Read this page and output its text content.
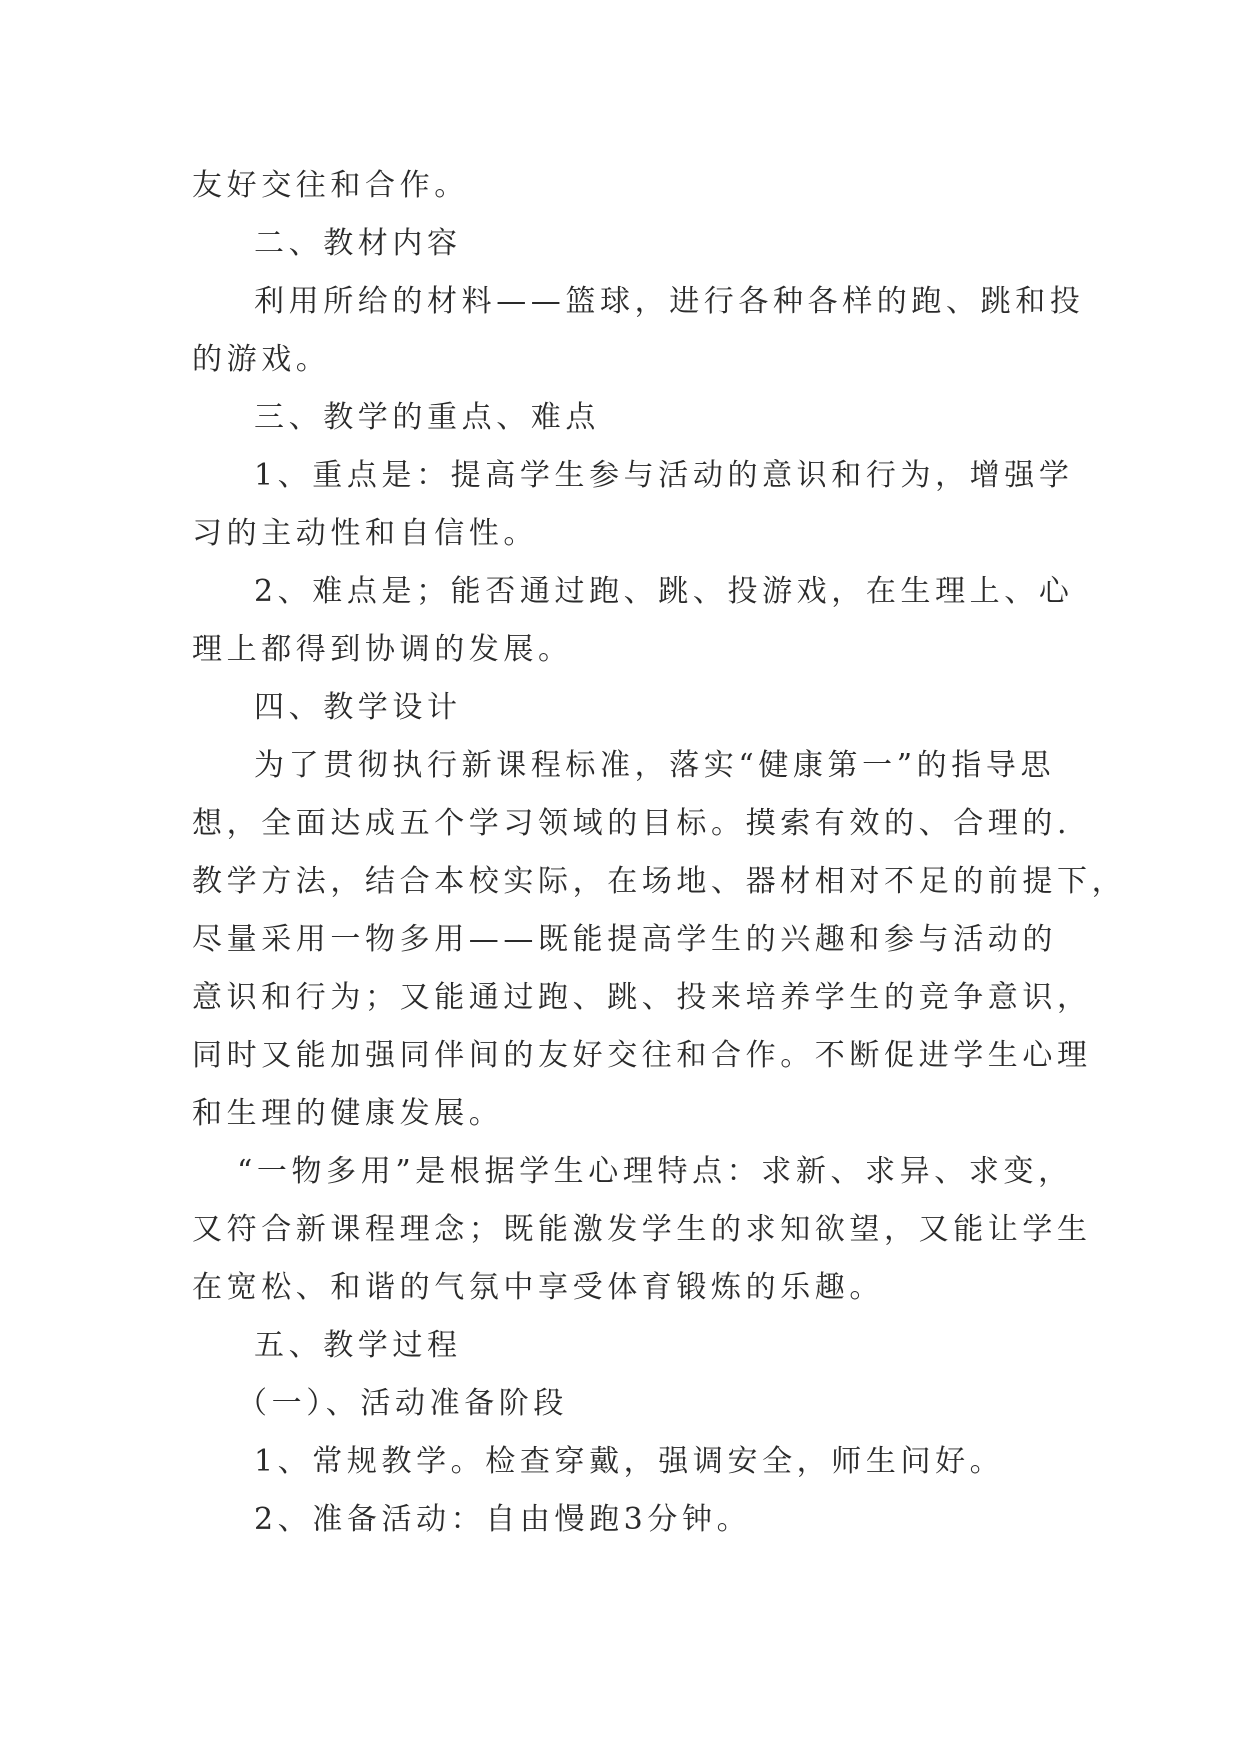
友好交往和合作。
二、教材内容
利用所给的材料——篮球，进行各种各样的跑、跳和投
的游戏。
三、教学的重点、难点
1、重点是：提高学生参与活动的意识和行为，增强学
习的主动性和自信性。
2、难点是；能否通过跑、跳、投游戏，在生理上、心
理上都得到协调的发展。
四、教学设计
为了贯彻执行新课程标准，落实“健康第一”的指导思
想，全面达成五个学习领域的目标。摸索有效的、合理的.
教学方法，结合本校实际，在场地、器材相对不足的前提下，
尽量采用一物多用——既能提高学生的兴趣和参与活动的
意识和行为；又能通过跑、跳、投来培养学生的竞争意识，
同时又能加强同伴间的友好交往和合作。不断促进学生心理
和生理的健康发展。
“一物多用”是根据学生心理特点：求新、求异、求变，
又符合新课程理念；既能激发学生的求知欲望，又能让学生
在宽松、和谐的气氛中享受体育锻炼的乐趣。
五、教学过程
（一）、活动准备阶段
1、常规教学。检查穿戴，强调安全，师生问好。
2、准备活动：自由慢跑3分钟。
